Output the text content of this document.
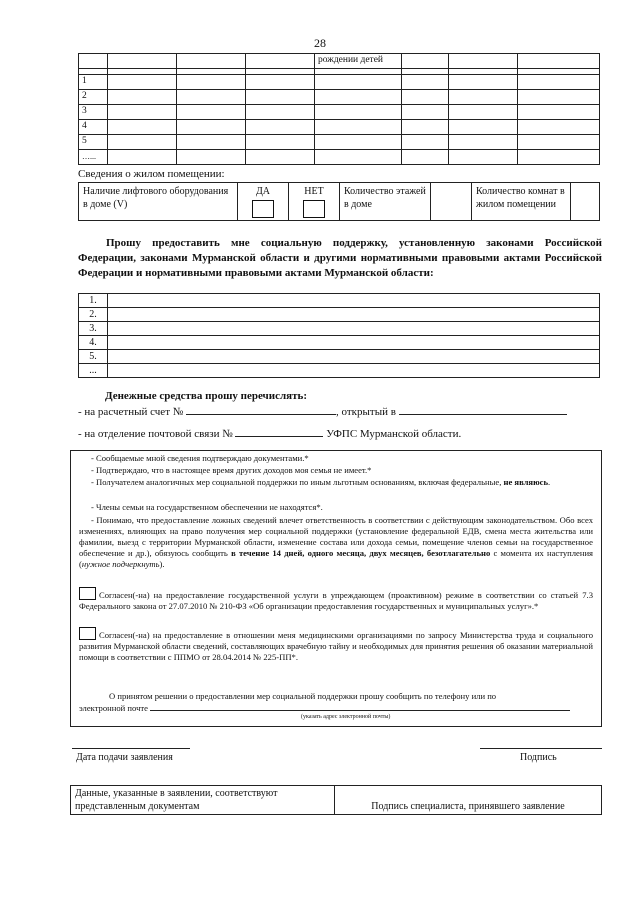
28
				рождении детей			

1							
2							
3							
4							
5							
…...							
Сведения о жилом помещении:
Наличие лифтового оборудования в доме (V)	
ДА	НЕТ	Количество этажей в доме		Количество комнат в жилом помещении	
Прошу предоставить мне социальную поддержку, установленную законами Российской Федерации, законами Мурманской области и другими нормативными правовыми актами Российской Федерации и нормативными правовыми актами Мурманской области:
1.	
2.	
3.	
4.	
5.	
...	
Денежные средства прошу перечислять:
- на расчетный счет №	, открытый в
- на отделение почтовой связи №	УФПС Мурманской области.
- Сообщаемые мной сведения подтверждаю документами.*
- Подтверждаю, что в настоящее время других доходов моя семья не имеет.*
- Получателем аналогичных мер социальной поддержки по иным льготным основаниям, включая федеральные, не являюсь.
- Члены семьи на государственном обеспечении не находятся*.
- Понимаю, что предоставление ложных сведений влечет ответственность в соответствии с действующим законодательством. Обо всех изменениях, влияющих на право получения мер социальной поддержки (установление федеральной ЕДВ, смена места жительства или фамилии, выезд с территории Мурманской области, изменение состава или дохода семьи, помещение членов семьи на государственное обеспечение и др.), обязуюсь сообщить в течение 14 дней, одного месяца, двух месяцев, безотлагательно с момента их наступления (нужное подчеркнуть).
Согласен(-на) на предоставление государственной услуги в упреждающем (проактивном) режиме в соответствии со статьей 7.3 Федерального закона от 27.07.2010 № 210-ФЗ «Об организации предоставления государственных и муниципальных услуг».*
Согласен(-на) на предоставление в отношении меня медицинскими организациями по запросу Министерства труда и социального развития Мурманской области сведений, составляющих врачебную тайну и необходимых для принятия решения об оказании материальной помощи в соответствии с ППМО от 28.04.2014 № 225-ПП*.
О принятом решении о предоставлении мер социальной поддержки прошу сообщить по телефону или по
электронной почте
(указать адрес электронной почты)
Дата подачи заявления	Подпись
Данные, указанные в заявлении, соответствуют представленным документам	Подпись специалиста, принявшего заявление
